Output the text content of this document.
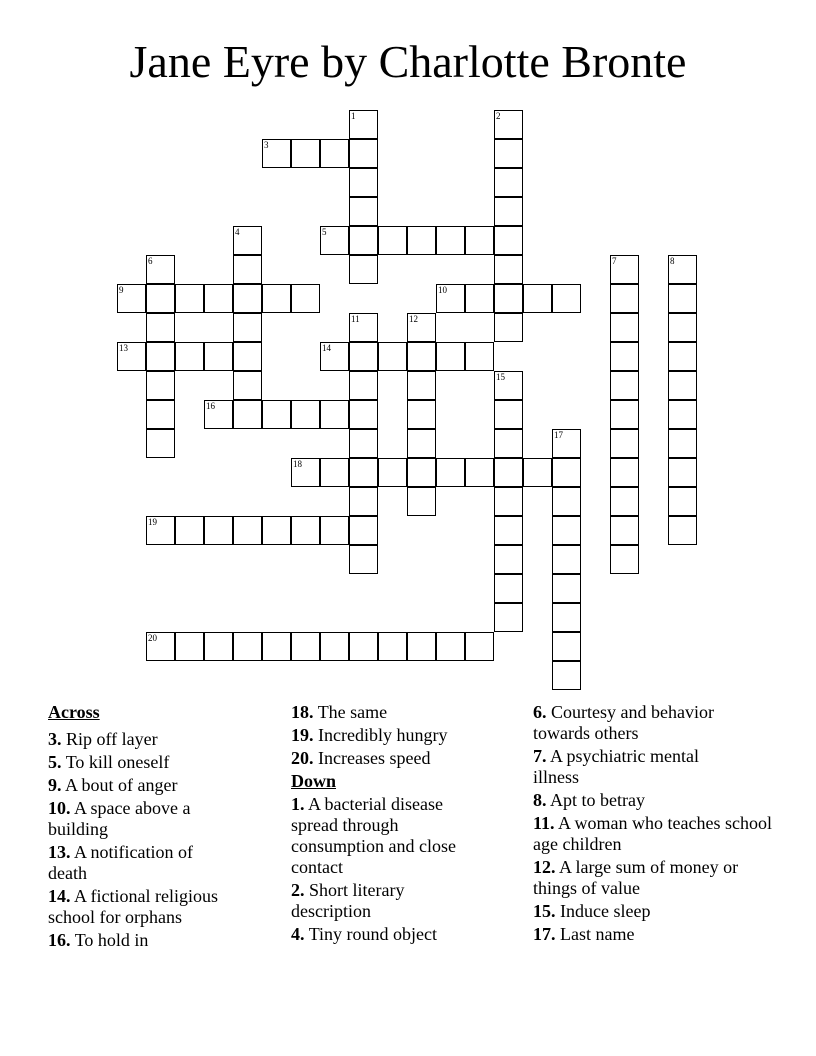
Jane Eyre by Charlotte Bronte
1	2
3
4	5
6	7	8
9	10
11	12
13	14
15
16
17
18
19
20
Across
3. Rip off layer
5. To kill oneself
9. A bout of anger
10. A space above a building
13. A notification of death
14. A fictional religious school for orphans
16. To hold in
18. The same
19. Incredibly hungry
20. Increases speed
Down
1. A bacterial disease spread through consumption and close contact
2. Short literary description
4. Tiny round object
6. Courtesy and behavior towards others
7. A psychiatric mental illness
8. Apt to betray
11. A woman who teaches school age children
12. A large sum of money or things of value
15. Induce sleep
17. Last name
